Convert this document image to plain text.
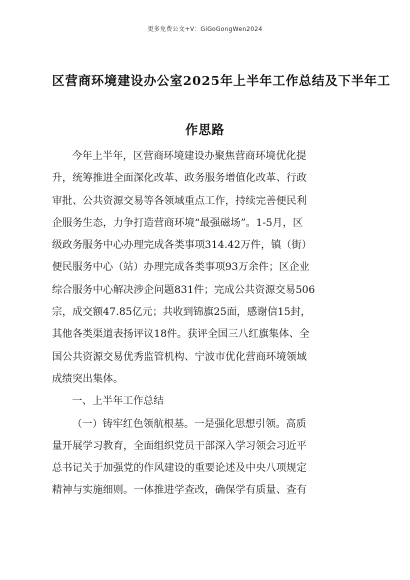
更多免费公文+V：GiGoGongWen2024
区营商环境建设办公室2025年上半年工作总结及下半年工
作思路
今年上半年，区营商环境建设办聚焦营商环境优化提
升，统筹推进全面深化改革、政务服务增值化改革、行政
审批、公共资源交易等各领域重点工作，持续完善便民利
企服务生态，力争打造营商环境“最强磁场”。1-5月，区
级政务服务中心办理完成各类事项314.42万件，镇（街）
便民服务中心（站）办理完成各类事项93万余件；区企业
综合服务中心解决涉企问题831件；完成公共资源交易506
宗，成交额47.85亿元；共收到锦旗25面，感谢信15封，
其他各类渠道表扬评议18件。获评全国三八红旗集体、全
国公共资源交易优秀监管机构、宁波市优化营商环境领域
成绩突出集体。
一、上半年工作总结
（一）铸牢红色领航根基。一是强化思想引领。高质
量开展学习教育，全面组织党员干部深入学习领会习近平
总书记关于加强党的作风建设的重要论述及中央八项规定
精神与实施细则。一体推进学查改，确保学有质量、查有
